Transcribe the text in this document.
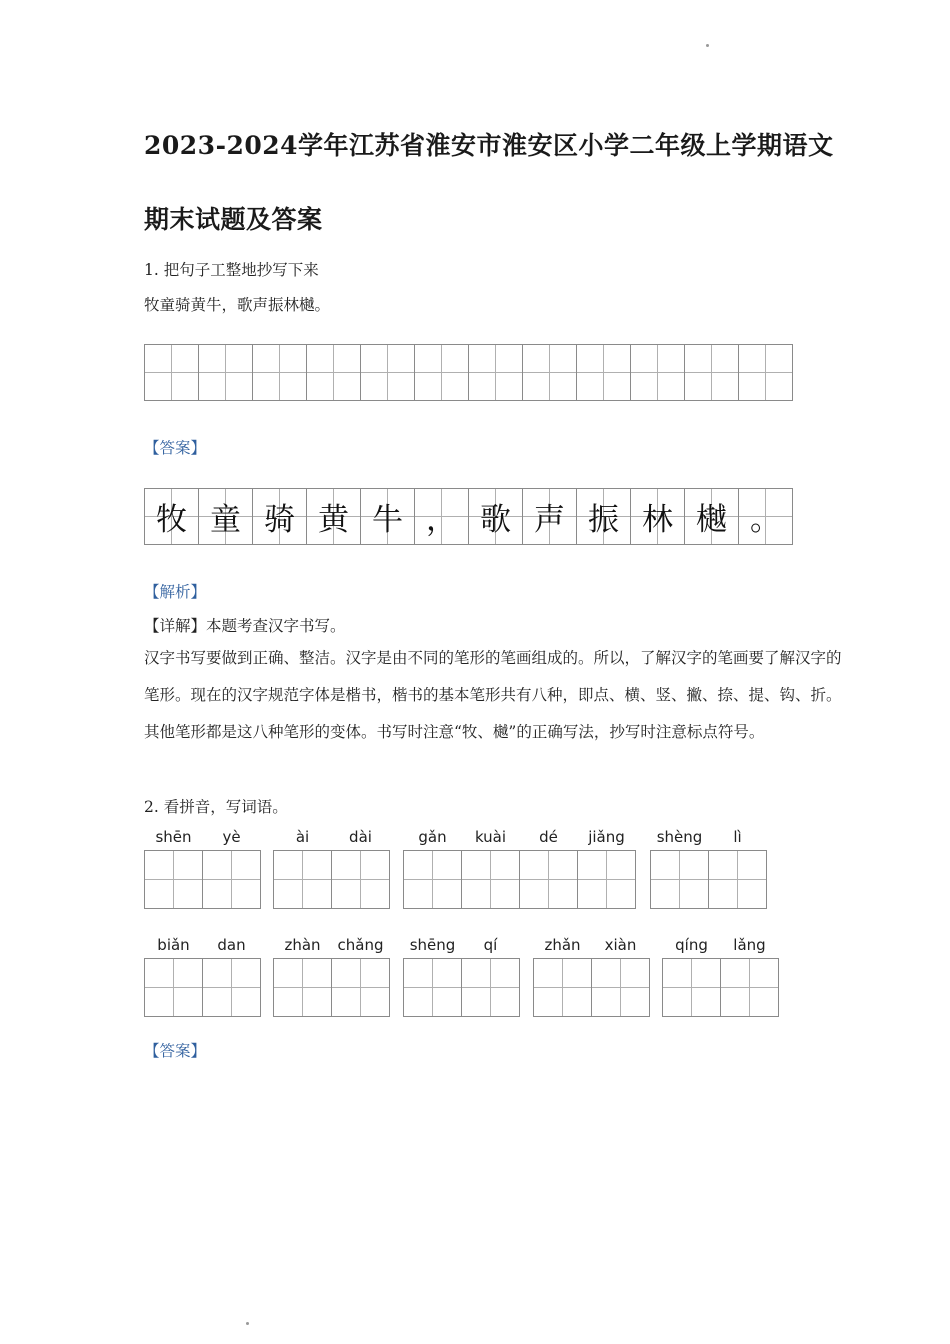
2023-2024学年江苏省淮安市淮安区小学二年级上学期语文
期末试题及答案
1. 把句子工整地抄写下来
牧童骑黄牛，歌声振林樾。
【答案】
牧 童 骑 黄 牛 ， 歌 声 振 林 樾 。
【解析】
【详解】本题考查汉字书写。
汉字书写要做到正确、整洁。汉字是由不同的笔形的笔画组成的。所以，了解汉字的笔画要了解汉字的笔形。现在的汉字规范字体是楷书，楷书的基本笔形共有八种，即点、横、竖、撇、捺、提、钩、折。其他笔形都是这八种笔形的变体。书写时注意“牧、樾”的正确写法，抄写时注意标点符号。
2. 看拼音，写词语。
shēn	yè	ài	dài	gǎn	kuài	dé	jiǎng	shèng	lì
biǎn	dan	zhàn	chǎng	shēng	qí	zhǎn	xiàn	qíng	lǎng
【答案】
